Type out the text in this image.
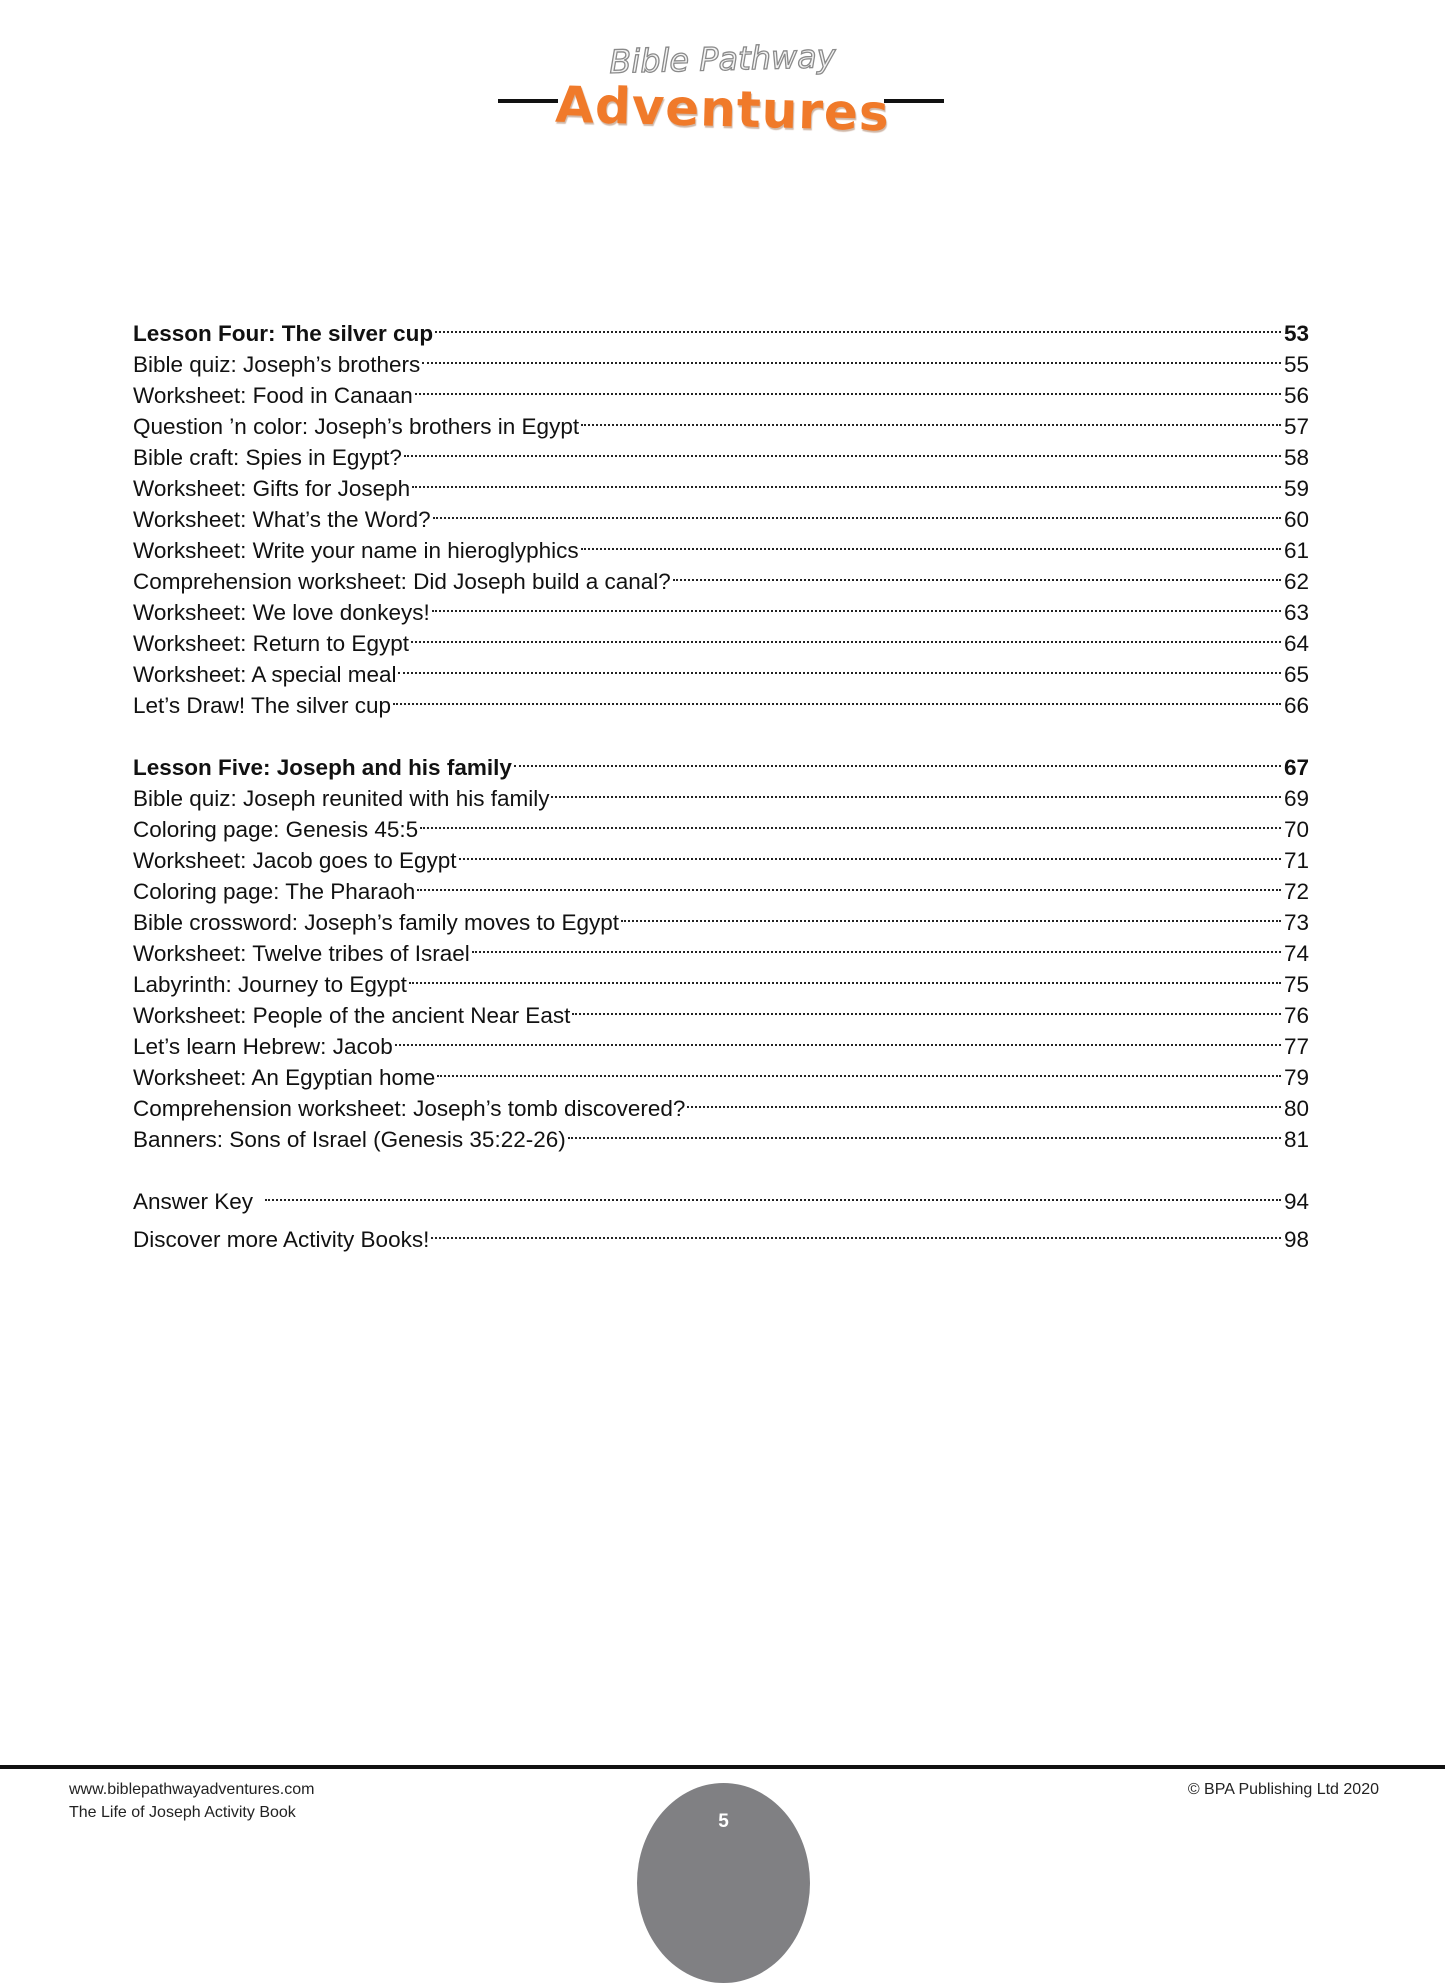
Bible Pathway
Adventures
Lesson Four: The silver cup	53
Bible quiz: Joseph’s brothers	55
Worksheet: Food in Canaan	56
Question ’n color: Joseph’s brothers in Egypt	57
Bible craft: Spies in Egypt?	58
Worksheet: Gifts for Joseph	59
Worksheet: What’s the Word?	60
Worksheet: Write your name in hieroglyphics	61
Comprehension worksheet: Did Joseph build a canal?	62
Worksheet: We love donkeys!	63
Worksheet: Return to Egypt	64
Worksheet: A special meal	65
Let’s Draw! The silver cup	66
Lesson Five: Joseph and his family	67
Bible quiz: Joseph reunited with his family	69
Coloring page: Genesis 45:5	70
Worksheet: Jacob goes to Egypt	71
Coloring page: The Pharaoh	72
Bible crossword: Joseph’s family moves to Egypt	73
Worksheet: Twelve tribes of Israel	74
Labyrinth: Journey to Egypt	75
Worksheet: People of the ancient Near East	76
Let’s learn Hebrew: Jacob	77
Worksheet: An Egyptian home	79
Comprehension worksheet: Joseph’s tomb discovered?	80
Banners: Sons of Israel (Genesis 35:22-26)	81
Answer Key	94
Discover more Activity Books!	98
www.biblepathwayadventures.com
The Life of Joseph Activity Book
© BPA Publishing Ltd 2020
5
